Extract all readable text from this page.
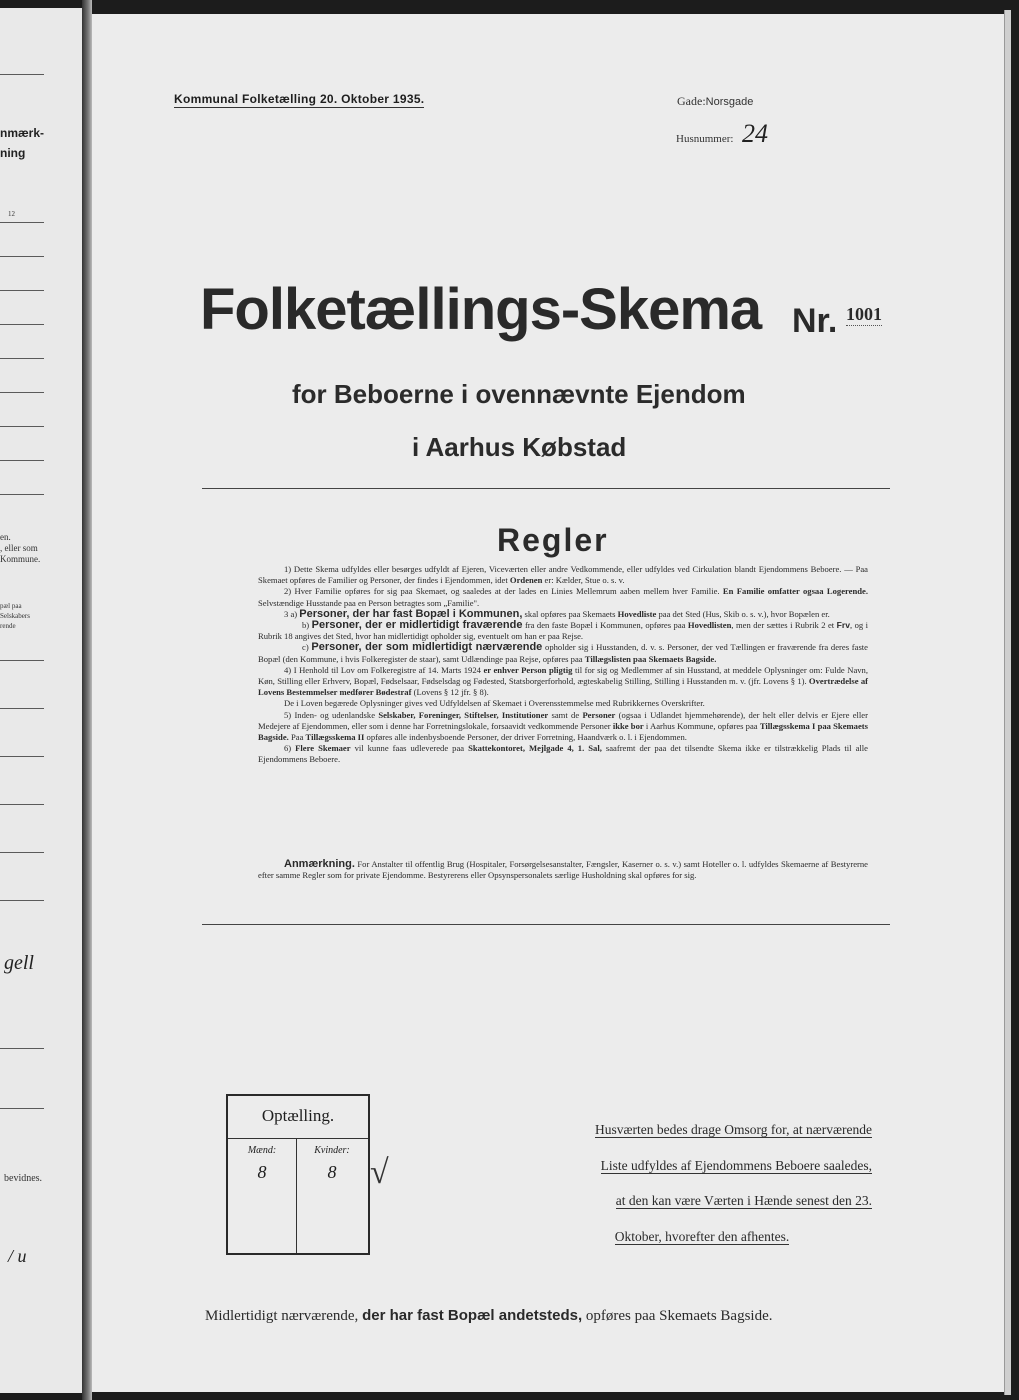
nmærk-
ning
12
en.
, eller som
Kommune.
pæl paa
Selskabers
rende
gell
bevidnes.
/ u
Kommunal Folketælling 20. Oktober 1935.	Gade:Norsgade
Husnummer: 24
Folketællings-Skema Nr. 1001
for Beboerne i ovennævnte Ejendom
i Aarhus Købstad
Regler

1) Dette Skema udfyldes eller besørges udfyldt af Ejeren, Viceværten eller andre Vedkommende, eller udfyldes ved Cirkulation blandt Ejendommens Beboere. — Paa Skemaet opføres de Familier og Personer, der findes i Ejendommen, idet Ordenen er: Kælder, Stue o. s. v.

2) Hver Familie opføres for sig paa Skemaet, og saaledes at der lades en Linies Mellemrum aaben mellem hver Familie. En Familie omfatter ogsaa Logerende. Selvstændige Husstande paa en Person betragtes som „Familie".

3 a) Personer, der har fast Bopæl i Kommunen, skal opføres paa Skemaets Hovedliste paa det Sted (Hus, Skib o. s. v.), hvor Bopælen er.

b) Personer, der er midlertidigt fraværende fra den faste Bopæl i Kommunen, opføres paa Hovedlisten, men der sættes i Rubrik 2 et Frv, og i Rubrik 18 angives det Sted, hvor han midlertidigt opholder sig, eventuelt om han er paa Rejse.

c) Personer, der som midlertidigt nærværende opholder sig i Husstanden, d. v. s. Personer, der ved Tællingen er fraværende fra deres faste Bopæl (den Kommune, i hvis Folkeregister de staar), samt Udlændinge paa Rejse, opføres paa Tillægslisten paa Skemaets Bagside.

4) I Henhold til Lov om Folkeregistre af 14. Marts 1924 er enhver Person pligtig til for sig og Medlemmer af sin Husstand, at meddele Oplysninger om: Fulde Navn, Køn, Stilling eller Erhverv, Bopæl, Fødselsaar, Fødselsdag og Fødested, Statsborgerforhold, ægteskabelig Stilling, Stilling i Husstanden m. v. (jfr. Lovens § 1). Overtrædelse af Lovens Bestemmelser medfører Bødestraf (Lovens § 12 jfr. § 8).

De i Loven begærede Oplysninger gives ved Udfyldelsen af Skemaet i Overensstemmelse med Rubrikkernes Overskrifter.

5) Inden- og udenlandske Selskaber, Foreninger, Stiftelser, Institutioner samt de Personer (ogsaa i Udlandet hjemmehørende), der helt eller delvis er Ejere eller Medejere af Ejendommen, eller som i denne har Forretningslokale, forsaavidt vedkommende Personer ikke bor i Aarhus Kommune, opføres paa Tillægsskema I paa Skemaets Bagside. Paa Tillægsskema II opføres alle indenbysboende Personer, der driver Forretning, Haandværk o. l. i Ejendommen.

6) Flere Skemaer vil kunne faas udleverede paa Skattekontoret, Mejlgade 4, 1. Sal, saafremt der paa det tilsendte Skema ikke er tilstrækkelig Plads til alle Ejendommens Beboere.

Anmærkning. For Anstalter til offentlig Brug (Hospitaler, Forsørgelsesanstalter, Fængsler, Kaserner o. s. v.) samt Hoteller o. l. udfyldes Skemaerne af Bestyrerne efter samme Regler som for private Ejendomme. Bestyrerens eller Opsynspersonalets særlige Husholdning skal opføres for sig.
Optælling.
Mænd:	Kvinder:
8	8 √
Husværten bedes drage Omsorg for, at nærværende
Liste udfyldes af Ejendommens Beboere saaledes,
at den kan være Værten i Hænde senest den 23.
Oktober, hvorefter den afhentes.
Midlertidigt nærværende, der har fast Bopæl andetsteds, opføres paa Skemaets Bagside.
